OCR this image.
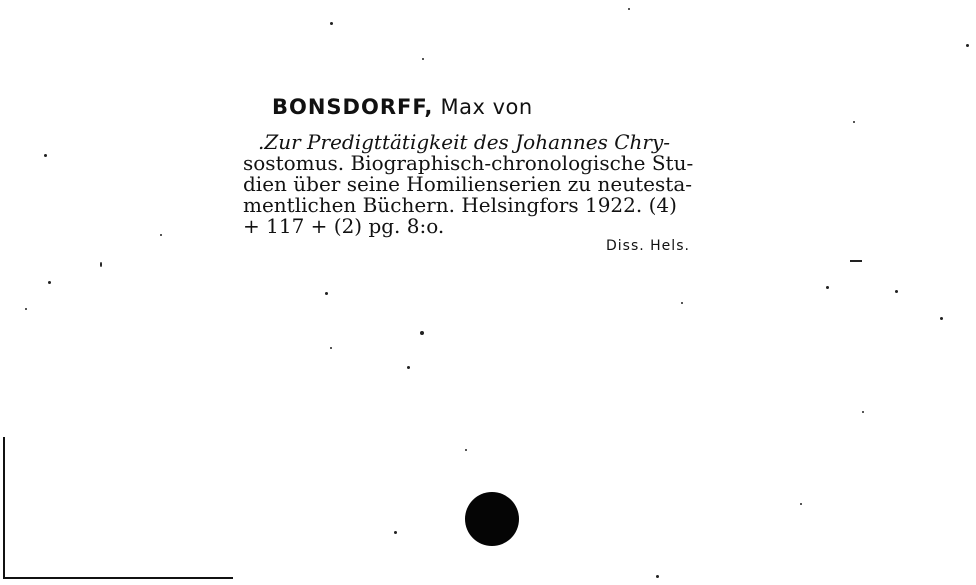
BONSDORFF, Max von
.Zur Predigttätigkeit des Johannes Chry-
sostomus. Biographisch-chronologische Stu-
dien über seine Homilienserien zu neutesta-
mentlichen Büchern. Helsingfors 1922. (4)
+ 117 + (2) pg. 8:o.
Diss. Hels.
